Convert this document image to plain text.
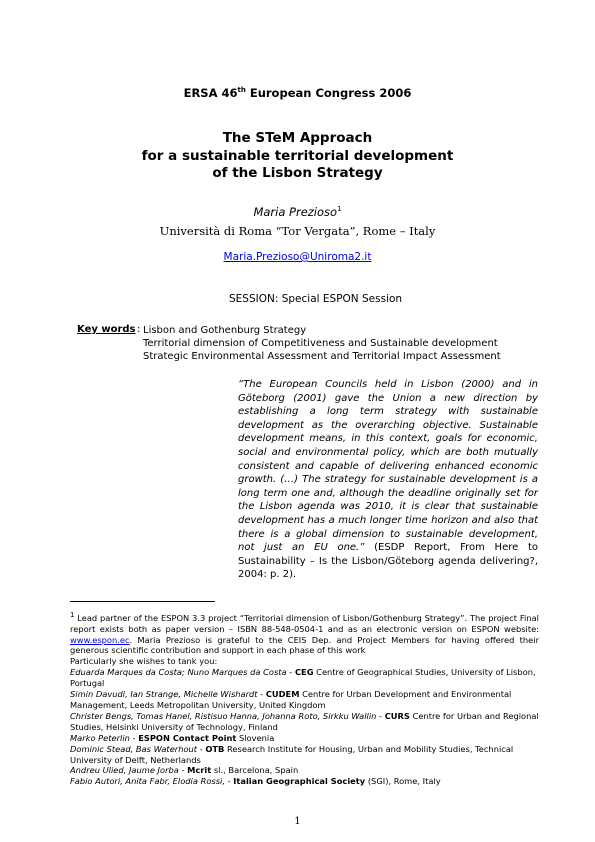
ERSA 46th European Congress 2006
The STeM Approach
for a sustainable territorial development
of the Lisbon Strategy
Maria Prezioso$^1$
Università di Roma “Tor Vergata”, Rome – Italy
Maria.Prezioso@Uniroma2.it
SESSION: Special ESPON Session
Key words : Lisbon and Gothenburg Strategy
Territorial dimension of Competitiveness and Sustainable development
Strategic Environmental Assessment and Territorial Impact Assessment
“The European Councils held in Lisbon (2000) and in Göteborg (2001) gave the Union a new direction by establishing a long term strategy with sustainable development as the overarching objective. Sustainable development means, in this context, goals for economic, social and environmental policy, which are both mutually consistent and capable of delivering enhanced economic growth. (…) The strategy for sustainable development is a long term one and, although the deadline originally set for the Lisbon agenda was 2010, it is clear that sustainable development has a much longer time horizon and also that there is a global dimension to sustainable development, not just an EU one.” (ESDP Report, From Here to Sustainability – Is the Lisbon/Göteborg agenda delivering?, 2004: p. 2).

$^1$ Lead partner of the ESPON 3.3 project “Territorial dimension of Lisbon/Gothenburg Strategy”. The project Final report exists both as paper version – ISBN 88-548-0504-1 and as an electronic version on ESPON website: www.espon.ec. Maria Prezioso is grateful to the CEIS Dep. and Project Members for having offered their generous scientific contribution and support in each phase of this work

Particularly she wishes to tank you:

Eduarda Marques da Costa; Nuno Marques da Costa - CEG Centre of Geographical Studies, University of Lisbon, Portugal

Simin Davudi, Ian Strange, Michelle Wishardt - CUDEM Centre for Urban Development and Environmental Management, Leeds Metropolitan University, United Kingdom

Christer Bengs, Tomas Hanel, Ristisuo Hanna, Johanna Roto, Sirkku Wallin - CURS Centre for Urban and Regional Studies, Helsinki University of Technology, Finland

Marko Peterlin - ESPON Contact Point Slovenia

Dominic Stead, Bas Waterhout - OTB Research Institute for Housing, Urban and Mobility Studies, Technical University of Delft, Netherlands

Andreu Ulied, Jaume Jorba - Mcrit sl., Barcelona, Spain

Fabio Autori, Anita Fabr, Elodia Rossi, - Italian Geographical Society (SGI), Rome, Italy

1
